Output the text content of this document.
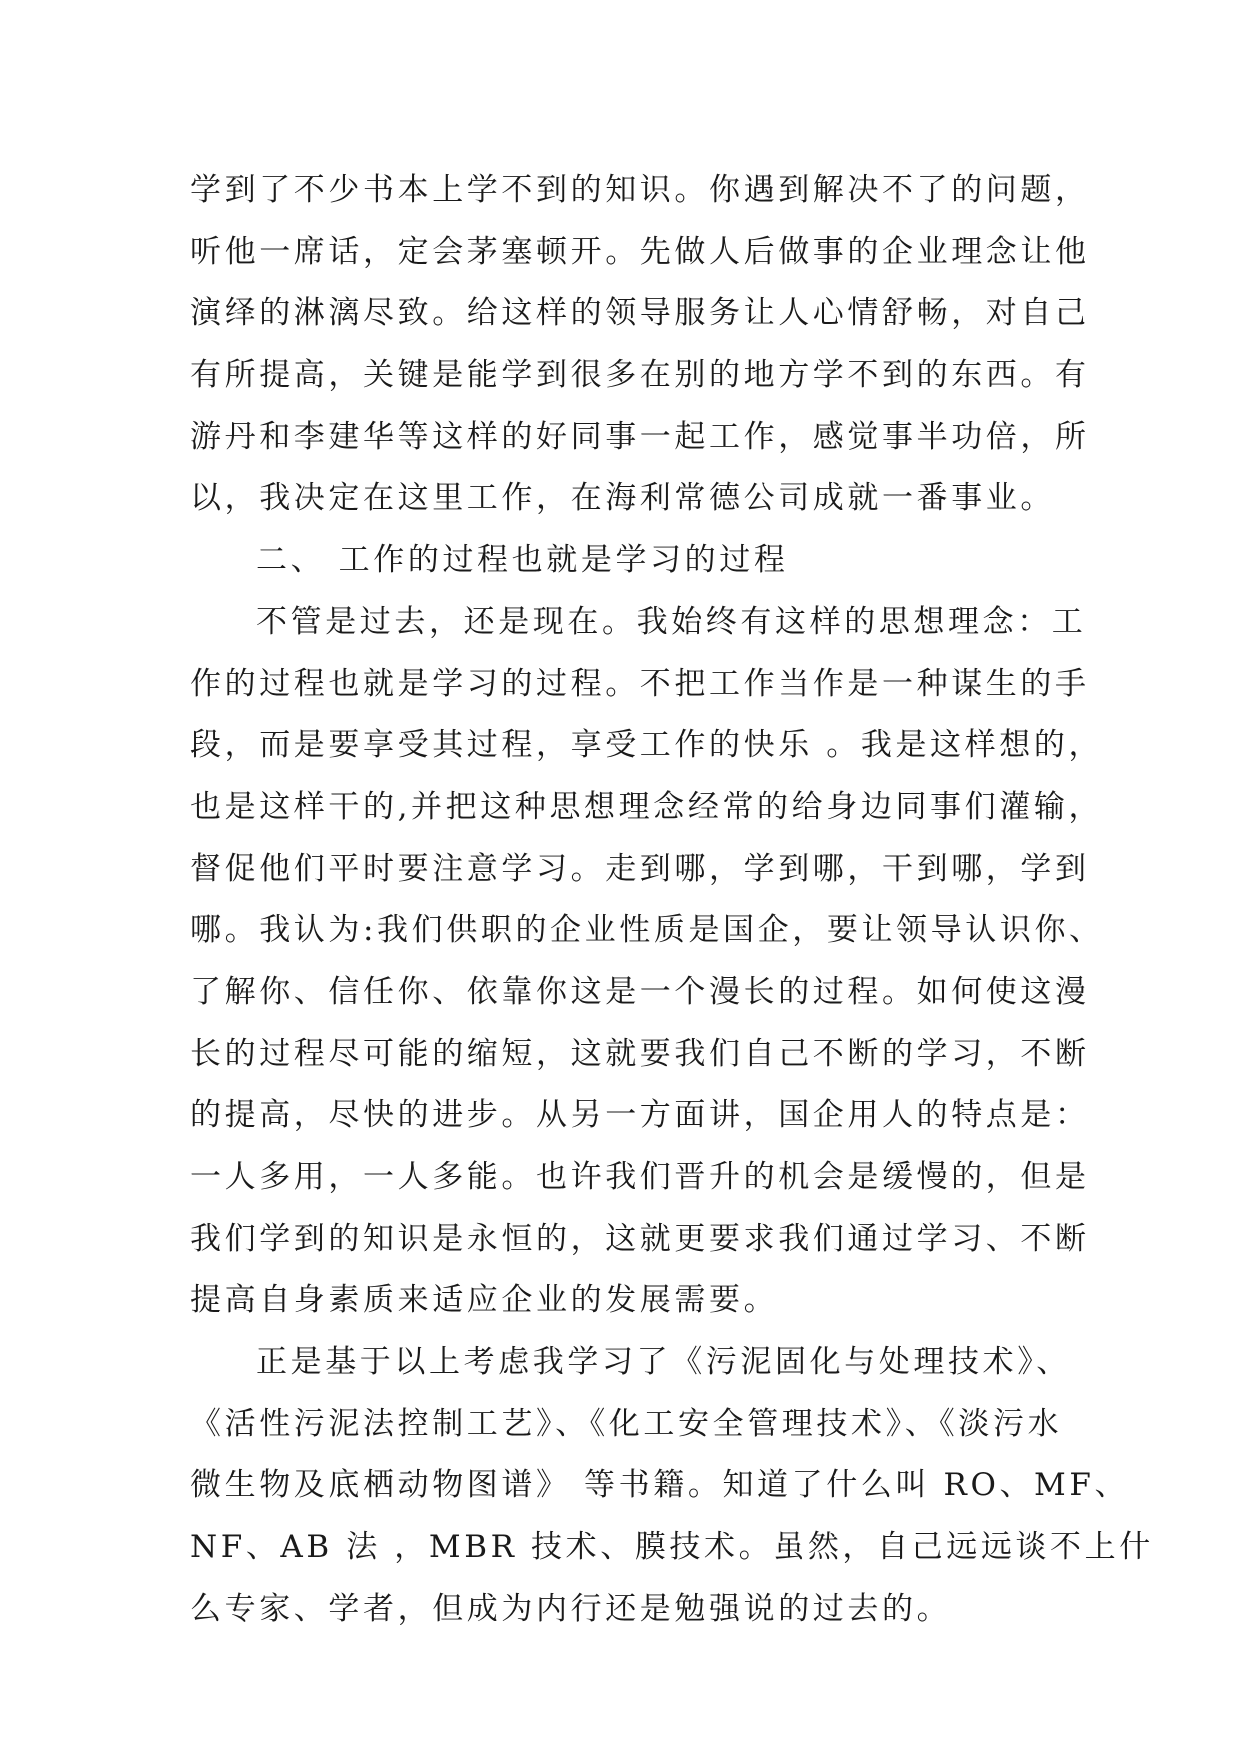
学到了不少书本上学不到的知识。你遇到解决不了的问题，
听他一席话，定会茅塞顿开。先做人后做事的企业理念让他
演绎的淋漓尽致。给这样的领导服务让人心情舒畅，对自己
有所提高，关键是能学到很多在别的地方学不到的东西。有
游丹和李建华等这样的好同事一起工作，感觉事半功倍，所
以，我决定在这里工作，在海利常德公司成就一番事业。
二、 工作的过程也就是学习的过程
不管是过去，还是现在。我始终有这样的思想理念：工
作的过程也就是学习的过程。不把工作当作是一种谋生的手
段，而是要享受其过程，享受工作的快乐 。我是这样想的，
也是这样干的,并把这种思想理念经常的给身边同事们灌输，
督促他们平时要注意学习。走到哪，学到哪，干到哪，学到
哪。我认为:我们供职的企业性质是国企，要让领导认识你、
了解你、信任你、依靠你这是一个漫长的过程。如何使这漫
长的过程尽可能的缩短，这就要我们自己不断的学习，不断
的提高，尽快的进步。从另一方面讲，国企用人的特点是：
一人多用，一人多能。也许我们晋升的机会是缓慢的，但是
我们学到的知识是永恒的，这就更要求我们通过学习、不断
提高自身素质来适应企业的发展需要。
正是基于以上考虑我学习了《污泥固化与处理技术》、
《活性污泥法控制工艺》、《化工安全管理技术》、《淡污水
微生物及底栖动物图谱》 等书籍。知道了什么叫 RO、MF、
NF、AB 法 ，MBR 技术、膜技术。虽然，自己远远谈不上什
么专家、学者，但成为内行还是勉强说的过去的。
